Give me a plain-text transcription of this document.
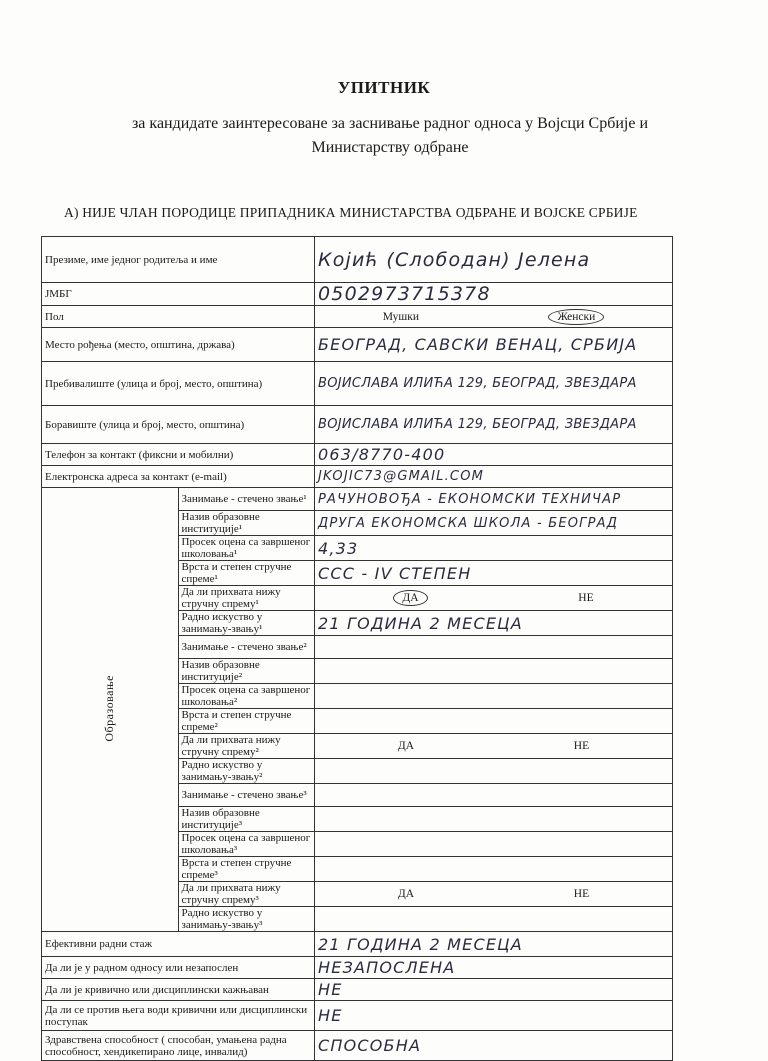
УПИТНИК
за кандидате заинтересоване за заснивање радног односа у Војсци Србије и
Министарству одбране
А) НИЈЕ ЧЛАН ПОРОДИЦЕ ПРИПАДНИКА МИНИСТАРСТВА ОДБРАНЕ И ВОЈСКЕ СРБИЈЕ
Презиме, име једног родитеља и име		Којић (Слободан) Јелена
ЈМБГ		0502973715378
Пол		Мушки Женски

Место рођења (место, општина, држава)		БЕОГРАД, САВСКИ ВЕНАЦ, СРБИЈА
Пребивалиште (улица и број, место, општина)		ВОЈИСЛАВА ИЛИЋА 129, БЕОГРАД, ЗВЕЗДАРА
Боравиште (улица и број, место, општина)		ВОЈИСЛАВА ИЛИЋА 129, БЕОГРАД, ЗВЕЗДАРА
Телефон за контакт (фиксни и мобилни)		063/8770-400
Електронска адреса за контакт (e-mail)		JKOJIC73@GMAIL.COM
Образовање	Занимање - стечено звање¹	РАЧУНОВОЂА - ЕКОНОМСКИ ТЕХНИЧАР
	Назив образовне институције¹	ДРУГА ЕКОНОМСКА ШКОЛА - БЕОГРАД
	Просек оцена са завршеног школовања¹	4,33
	Врста и степен стручне спреме¹	ССС - IV СТЕПЕН
	Да ли прихвата нижу стручну спрему¹	ДА НЕ

	Радно искуство у занимању-звању¹	21 ГОДИНА 2 МЕСЕЦА
	Занимање - стечено звање²	
	Назив образовне институције²	
	Просек оцена са завршеног школовања²	
	Врста и степен стручне спреме²	
	Да ли прихвата нижу стручну спрему²	ДА НЕ

	Радно искуство у занимању-звању²	
	Занимање - стечено звање³	
	Назив образовне институције³	
	Просек оцена са завршеног школовања³	
	Врста и степен стручне спреме³	
	Да ли прихвата нижу стручну спрему³	ДА НЕ

	Радно искуство у занимању-звању³	
Ефективни радни стаж		21 ГОДИНА 2 МЕСЕЦА
Да ли је у радном односу или незапослен		НЕЗАПОСЛЕНА
Да ли је кривично или дисциплински кажњаван		НЕ
Да ли се против њега води кривични или дисциплински поступак		НЕ
Здравствена способност ( способан, умањена радна способност, хендикепирано лице, инвалид)		СПОСОБНА
